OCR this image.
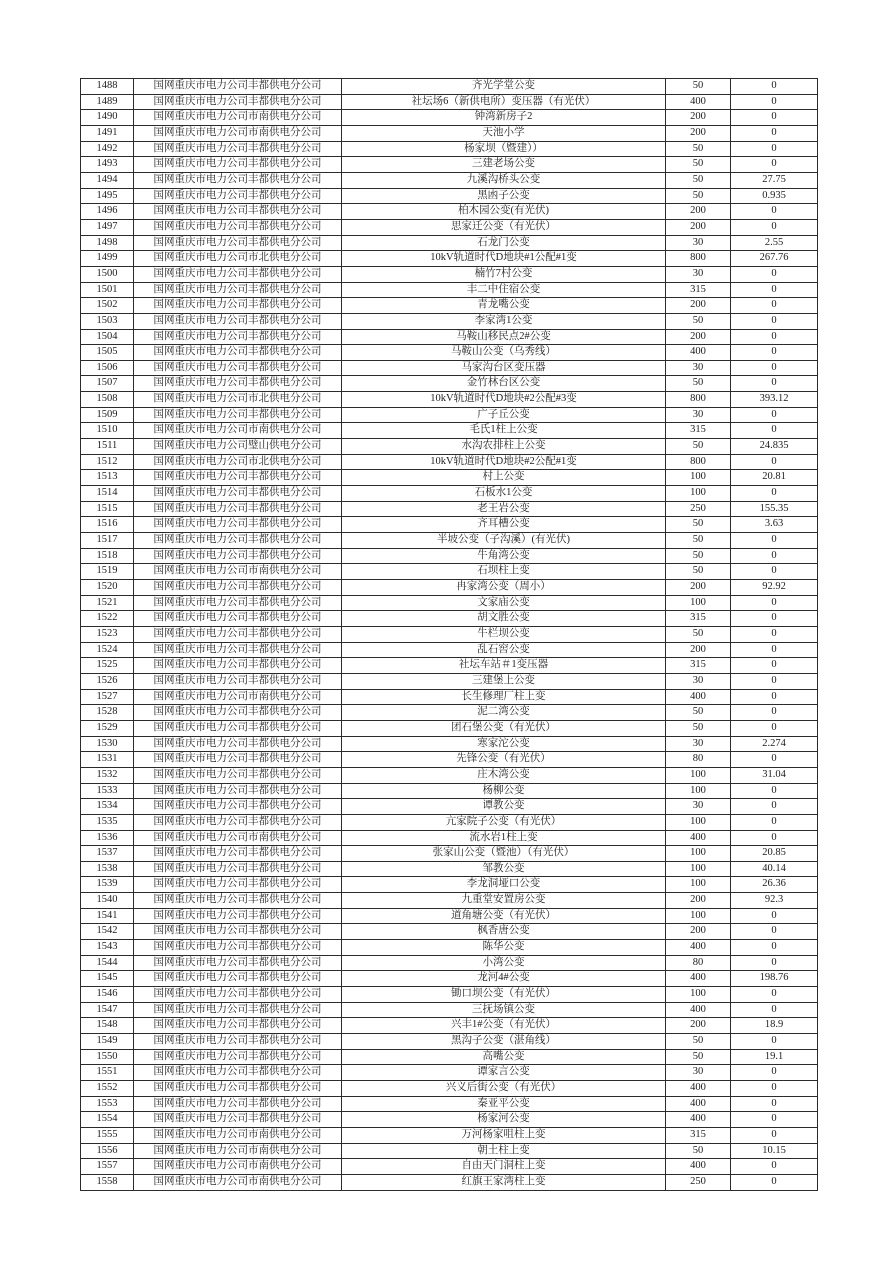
1488	国网重庆市电力公司丰都供电分公司	齐光学堂公变	50	0
1489	国网重庆市电力公司丰都供电分公司	社坛场6（新供电所）变压器（有光伏）	400	0
1490	国网重庆市电力公司市南供电分公司	钟湾新房子2	200	0
1491	国网重庆市电力公司市南供电分公司	天池小学	200	0
1492	国网重庆市电力公司丰都供电分公司	杨家坝（暨建））	50	0
1493	国网重庆市电力公司丰都供电分公司	三建老场公变	50	0
1494	国网重庆市电力公司丰都供电分公司	九溪沟桥头公变	50	27.75
1495	国网重庆市电力公司丰都供电分公司	黑凼子公变	50	0.935
1496	国网重庆市电力公司丰都供电分公司	柏木园公变(有光伏)	200	0
1497	国网重庆市电力公司丰都供电分公司	思家迁公变（有光伏）	200	0
1498	国网重庆市电力公司丰都供电分公司	石龙门公变	30	2.55
1499	国网重庆市电力公司市北供电分公司	10kV轨道时代D地块#1公配#1变	800	267.76
1500	国网重庆市电力公司丰都供电分公司	楠竹7村公变	30	0
1501	国网重庆市电力公司丰都供电分公司	丰二中住宿公变	315	0
1502	国网重庆市电力公司丰都供电分公司	青龙嘴公变	200	0
1503	国网重庆市电力公司丰都供电分公司	李家湾1公变	50	0
1504	国网重庆市电力公司丰都供电分公司	马鞍山移民点2#公变	200	0
1505	国网重庆市电力公司丰都供电分公司	马鞍山公变（乌秀线）	400	0
1506	国网重庆市电力公司丰都供电分公司	马家沟台区变压器	30	0
1507	国网重庆市电力公司丰都供电分公司	金竹林台区公变	50	0
1508	国网重庆市电力公司市北供电分公司	10kV轨道时代D地块#2公配#3变	800	393.12
1509	国网重庆市电力公司丰都供电分公司	广子丘公变	30	0
1510	国网重庆市电力公司市南供电分公司	毛氏1柱上公变	315	0
1511	国网重庆市电力公司璧山供电分公司	水沟农排柱上公变	50	24.835
1512	国网重庆市电力公司市北供电分公司	10kV轨道时代D地块#2公配#1变	800	0
1513	国网重庆市电力公司丰都供电分公司	村上公变	100	20.81
1514	国网重庆市电力公司丰都供电分公司	石板水1公变	100	0
1515	国网重庆市电力公司丰都供电分公司	老王岩公变	250	155.35
1516	国网重庆市电力公司丰都供电分公司	齐耳槽公变	50	3.63
1517	国网重庆市电力公司丰都供电分公司	半坡公变（子沟溪）(有光伏)	50	0
1518	国网重庆市电力公司丰都供电分公司	牛角湾公变	50	0
1519	国网重庆市电力公司市南供电分公司	石坝柱上变	50	0
1520	国网重庆市电力公司丰都供电分公司	冉家湾公变（周小）	200	92.92
1521	国网重庆市电力公司丰都供电分公司	文家庙公变	100	0
1522	国网重庆市电力公司丰都供电分公司	胡文胜公变	315	0
1523	国网重庆市电力公司丰都供电分公司	牛栏坝公变	50	0
1524	国网重庆市电力公司丰都供电分公司	乱石窖公变	200	0
1525	国网重庆市电力公司丰都供电分公司	社坛车站＃1变压器	315	0
1526	国网重庆市电力公司丰都供电分公司	三建堡上公变	30	0
1527	国网重庆市电力公司市南供电分公司	长生修理厂柱上变	400	0
1528	国网重庆市电力公司丰都供电分公司	泥二湾公变	50	0
1529	国网重庆市电力公司丰都供电分公司	团石堡公变（有光伏）	50	0
1530	国网重庆市电力公司丰都供电分公司	寒家沱公变	30	2.274
1531	国网重庆市电力公司丰都供电分公司	先锋公变（有光伏）	80	0
1532	国网重庆市电力公司丰都供电分公司	庄木湾公变	100	31.04
1533	国网重庆市电力公司丰都供电分公司	杨柳公变	100	0
1534	国网重庆市电力公司丰都供电分公司	谭教公变	30	0
1535	国网重庆市电力公司丰都供电分公司	亢家院子公变（有光伏）	100	0
1536	国网重庆市电力公司市南供电分公司	流水岩1柱上变	400	0
1537	国网重庆市电力公司丰都供电分公司	张家山公变（暨池）（有光伏）	100	20.85
1538	国网重庆市电力公司丰都供电分公司	邹教公变	100	40.14
1539	国网重庆市电力公司丰都供电分公司	李龙洞垭口公变	100	26.36
1540	国网重庆市电力公司丰都供电分公司	九重堂安置房公变	200	92.3
1541	国网重庆市电力公司丰都供电分公司	道角塘公变（有光伏）	100	0
1542	国网重庆市电力公司丰都供电分公司	枫香唐公变	200	0
1543	国网重庆市电力公司丰都供电分公司	陈华公变	400	0
1544	国网重庆市电力公司丰都供电分公司	小湾公变	80	0
1545	国网重庆市电力公司丰都供电分公司	龙河4#公变	400	198.76
1546	国网重庆市电力公司丰都供电分公司	锄口坝公变（有光伏）	100	0
1547	国网重庆市电力公司丰都供电分公司	三抚场镇公变	400	0
1548	国网重庆市电力公司丰都供电分公司	兴丰1#公变（有光伏）	200	18.9
1549	国网重庆市电力公司丰都供电分公司	黑沟子公变（湛角线）	50	0
1550	国网重庆市电力公司丰都供电分公司	高嘴公变	50	19.1
1551	国网重庆市电力公司丰都供电分公司	谭家言公变	30	0
1552	国网重庆市电力公司丰都供电分公司	兴义后街公变（有光伏）	400	0
1553	国网重庆市电力公司丰都供电分公司	秦亚平公变	400	0
1554	国网重庆市电力公司丰都供电分公司	杨家河公变	400	0
1555	国网重庆市电力公司市南供电分公司	万河杨家咀柱上变	315	0
1556	国网重庆市电力公司市南供电分公司	朝土柱上变	50	10.15
1557	国网重庆市电力公司市南供电分公司	自由天门洞柱上变	400	0
1558	国网重庆市电力公司市南供电分公司	红旗王家湾柱上变	250	0
